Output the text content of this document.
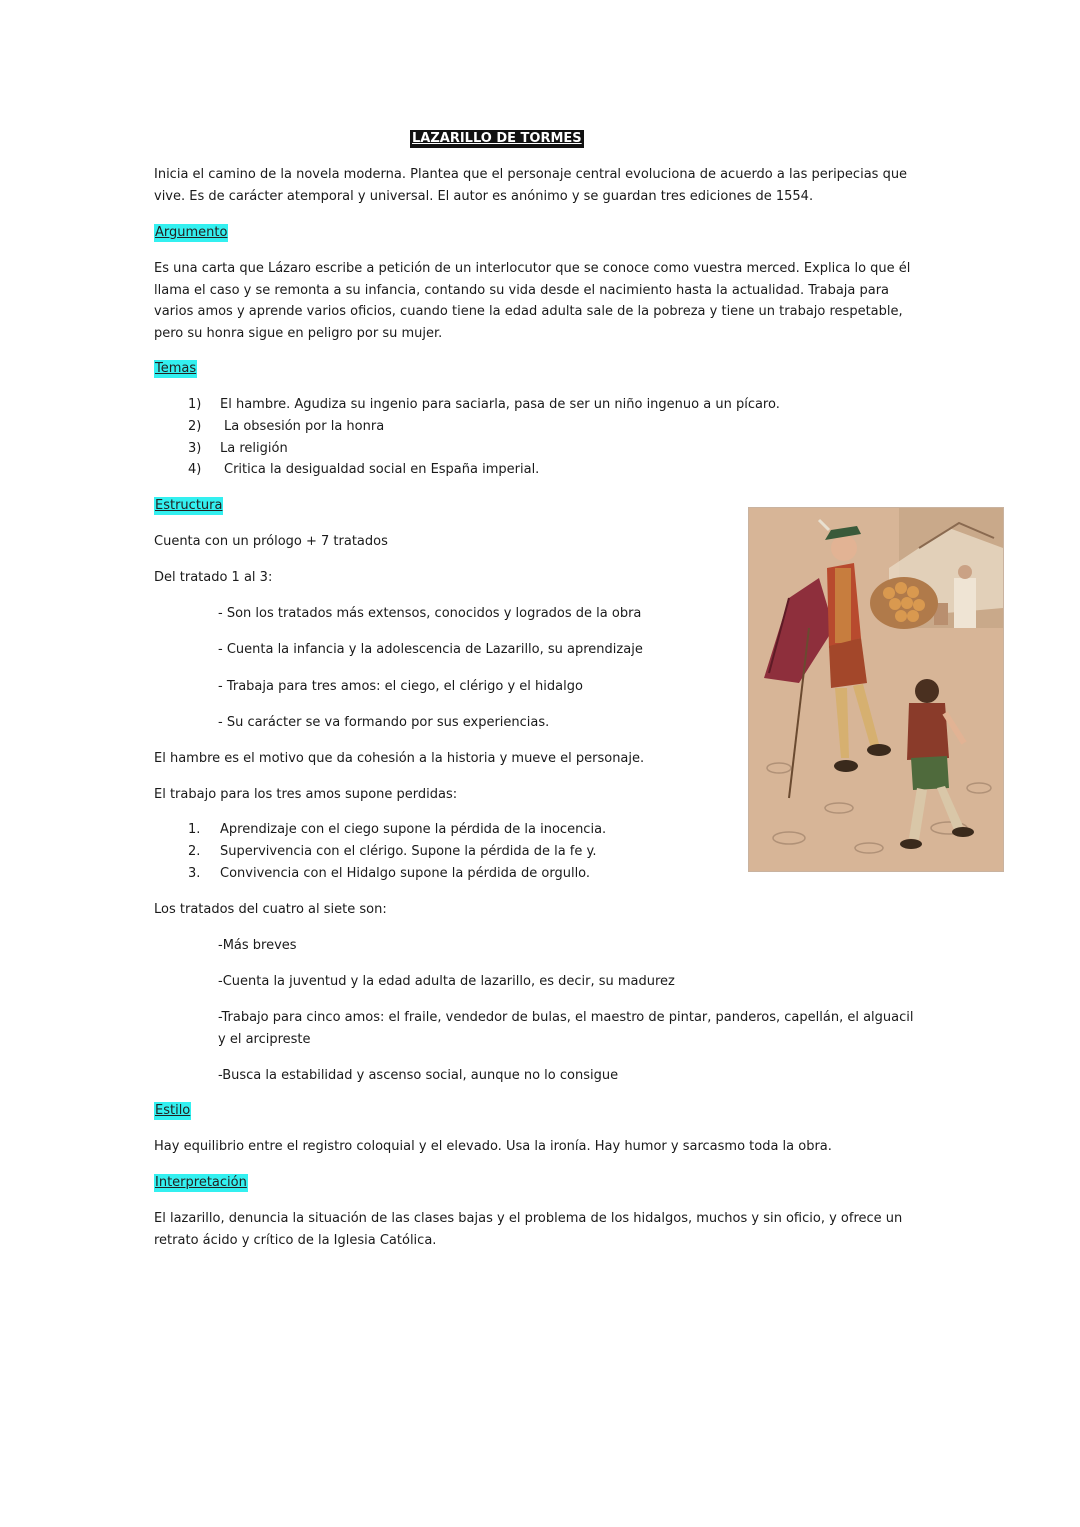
LAZARILLO DE TORMES
Inicia el camino de la novela moderna. Plantea que el personaje central evoluciona de acuerdo a las peripecias que
vive. Es de carácter atemporal y universal. El autor es anónimo y se guardan tres ediciones de 1554.
Argumento
Es una carta que Lázaro escribe a petición de un interlocutor que se conoce como vuestra merced. Explica lo que él
llama el caso y se remonta a su infancia, contando su vida desde el nacimiento hasta la actualidad. Trabaja para
varios amos y aprende varios oficios, cuando tiene la edad adulta sale de la pobreza y tiene un trabajo respetable,
pero su honra sigue en peligro por su mujer.
Temas
1) El hambre. Agudiza su ingenio para saciarla, pasa de ser un niño ingenuo a un pícaro.
2) La obsesión por la honra
3) La religión
4) Critica la desigualdad social en España imperial.
Estructura
Cuenta con un prólogo + 7 tratados
Del tratado 1 al 3:
- Son los tratados más extensos, conocidos y logrados de la obra
- Cuenta la infancia y la adolescencia de Lazarillo, su aprendizaje
- Trabaja para tres amos: el ciego, el clérigo y el hidalgo
- Su carácter se va formando por sus experiencias.
El hambre es el motivo que da cohesión a la historia y mueve el personaje.
El trabajo para los tres amos supone perdidas:
1. Aprendizaje con el ciego supone la pérdida de la inocencia.
2. Supervivencia con el clérigo. Supone la pérdida de la fe y.
3. Convivencia con el Hidalgo supone la pérdida de orgullo.
Los tratados del cuatro al siete son:
-Más breves
-Cuenta la juventud y la edad adulta de lazarillo, es decir, su madurez
-Trabajo para cinco amos: el fraile, vendedor de bulas, el maestro de pintar, panderos, capellán, el alguacil
y el arcipreste
-Busca la estabilidad y ascenso social, aunque no lo consigue
Estilo
Hay equilibrio entre el registro coloquial y el elevado. Usa la ironía. Hay humor y sarcasmo toda la obra.
Interpretación
El lazarillo, denuncia la situación de las clases bajas y el problema de los hidalgos, muchos y sin oficio, y ofrece un
retrato ácido y crítico de la Iglesia Católica.
